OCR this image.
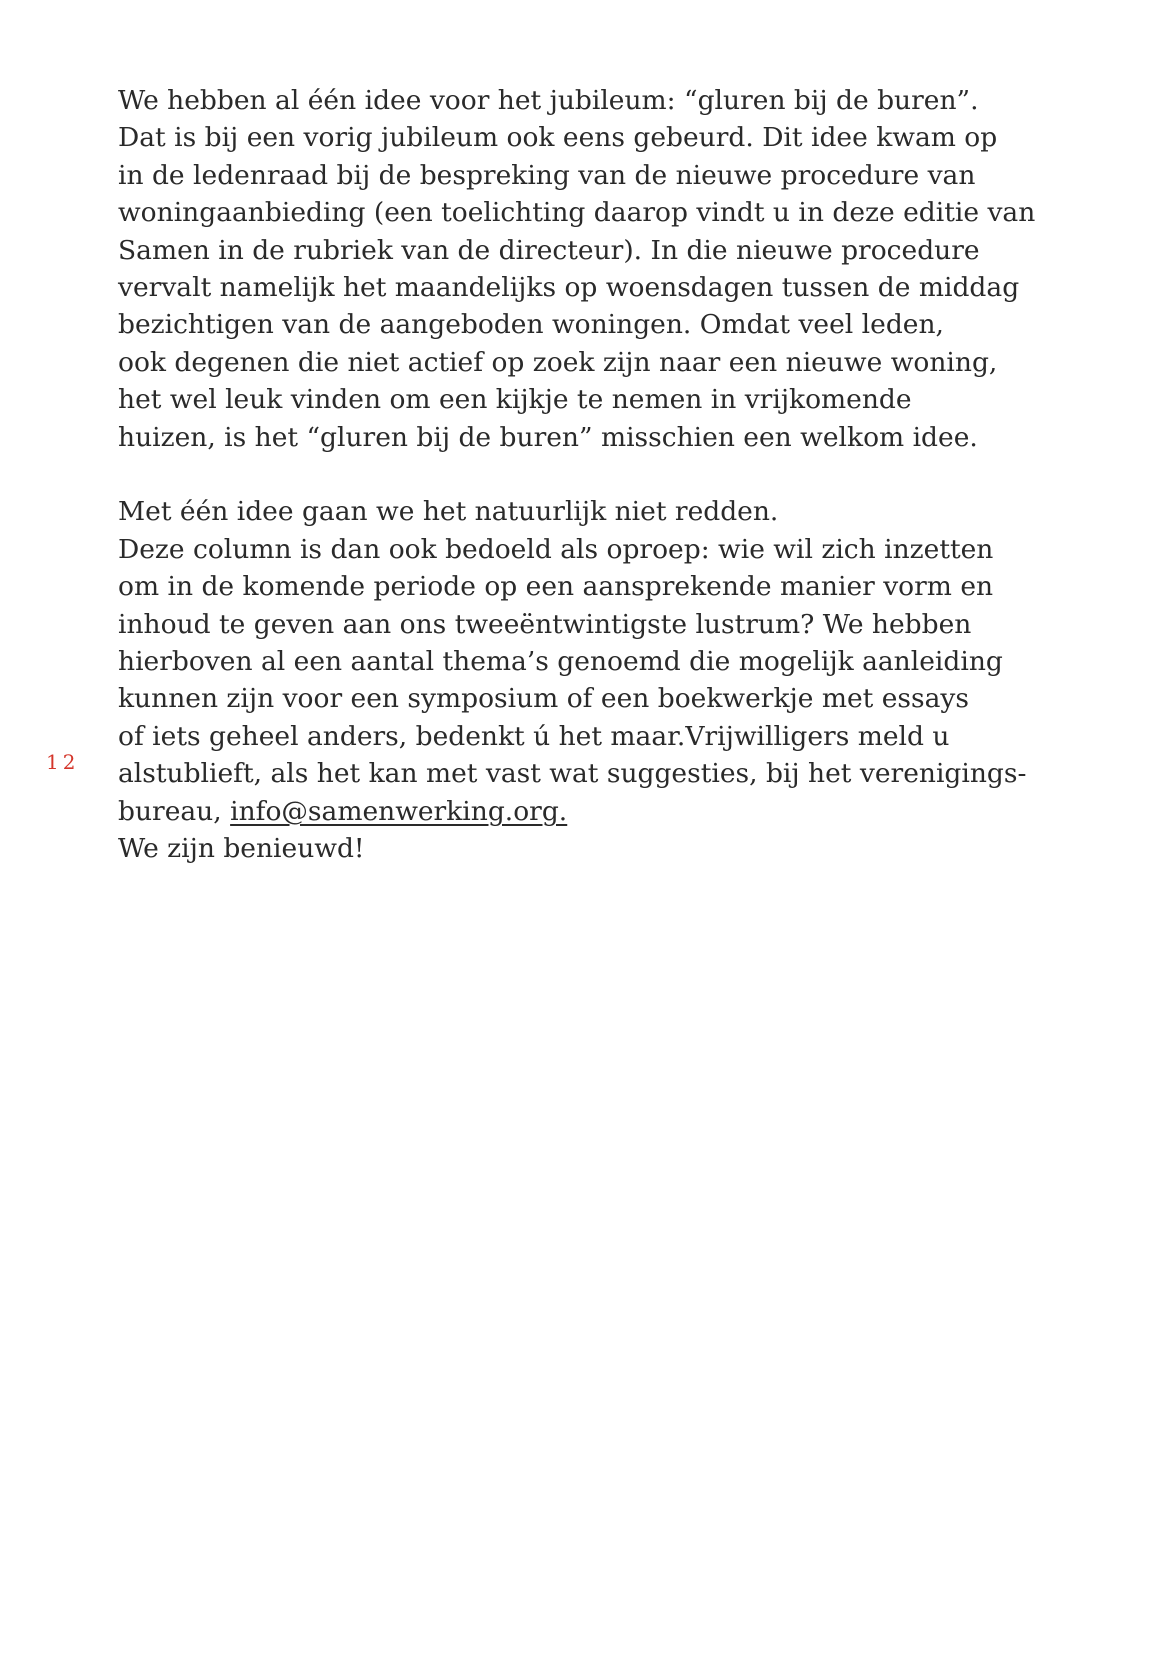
12

We hebben al één idee voor het jubileum: “gluren bij de buren”.
Dat is bij een vorig jubileum ook eens gebeurd. Dit idee kwam op
in de ledenraad bij de bespreking van de nieuwe procedure van
woningaanbieding (een toelichting daarop vindt u in deze editie van
Samen in de rubriek van de directeur). In die nieuwe procedure
vervalt namelijk het maandelijks op woensdagen tussen de middag
bezichtigen van de aangeboden woningen. Omdat veel leden,
ook degenen die niet actief op zoek zijn naar een nieuwe woning,
het wel leuk vinden om een kijkje te nemen in vrijkomende
huizen, is het “gluren bij de buren” misschien een welkom idee.

Met één idee gaan we het natuurlijk niet redden.
Deze column is dan ook bedoeld als oproep: wie wil zich inzetten
om in de komende periode op een aansprekende manier vorm en
inhoud te geven aan ons tweeëntwintigste lustrum? We hebben
hierboven al een aantal thema’s genoemd die mogelijk aanleiding
kunnen zijn voor een symposium of een boekwerkje met essays
of iets geheel anders, bedenkt ú het maar.Vrijwilligers meld u
alstublieft, als het kan met vast wat suggesties, bij het verenigings-
bureau, info@samenwerking.org.
We zijn benieuwd!
